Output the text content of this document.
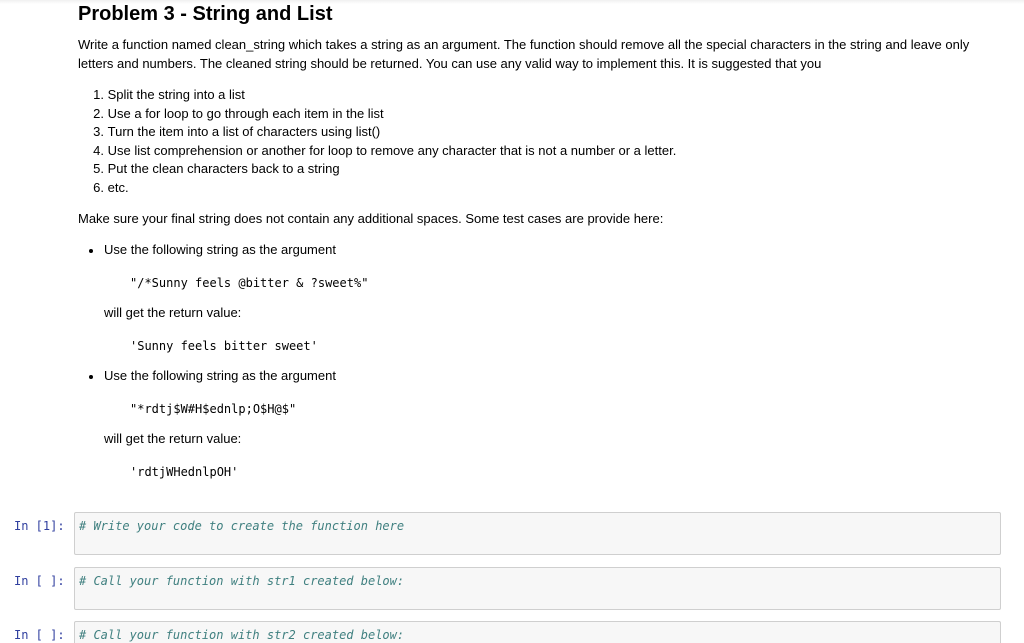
Problem 3 - String and List
Write a function named clean_string which takes a string as an argument. The function should remove all the special characters in the string and leave only
letters and numbers. The cleaned string should be returned. You can use any valid way to implement this. It is suggested that you
1.
Split the string into a list
2.
Use a for loop to go through each item in the list
3.
Turn the item into a list of characters using list()
4.
Use list comprehension or another for loop to remove any character that is not a number or a letter.
5.
Put the clean characters back to a string
6.
etc.

Make sure your final string does not contain any additional spaces. Some test cases are provide here:

Use the following string as the argument

"/*Sunny feels @bitter & ?sweet%"

will get the return value:

'Sunny feels bitter sweet'

Use the following string as the argument

"*rdtj$W#H$ednlp;O$H@$"

will get the return value:

'rdtjWHednlpOH'
In [1]: # Write your code to create the function here
In [ ]: # Call your function with str1 created below:
In [ ]: # Call your function with str2 created below:
